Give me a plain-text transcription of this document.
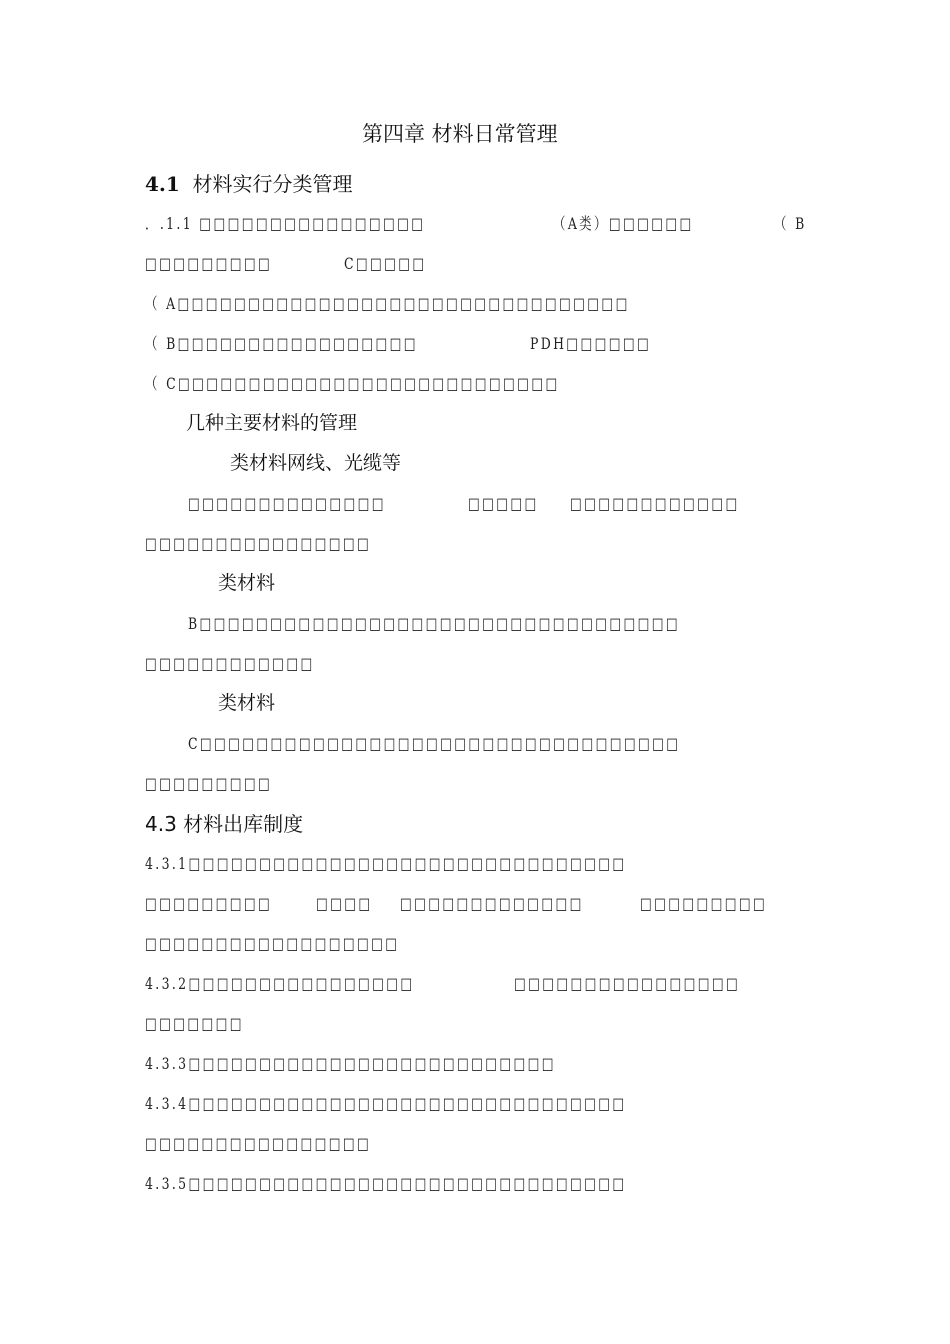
第四章 材料日常管理
4.1 材料实行分类管理
．.1.1 □□□□□□□□□□□□□□□□	（A类）□□□□□□	（ B
□□□□□□□□□	C□□□□□
（ A□□□□□□□□□□□□□□□□□□□□□□□□□□□□□□□□
（ B□□□□□□□□□□□□□□□□□	PDH□□□□□□
（ C□□□□□□□□□□□□□□□□□□□□□□□□□□□
几种主要材料的管理
类材料网线、光缆等
□□□□□□□□□□□□□□	□□□□□ □□□□□□□□□□□□
□□□□□□□□□□□□□□□□
类材料
B□□□□□□□□□□□□□□□□□□□□□□□□□□□□□□□□□□
□□□□□□□□□□□□
类材料
C□□□□□□□□□□□□□□□□□□□□□□□□□□□□□□□□□□
□□□□□□□□□
4.3 材料出库制度
4.3.1□□□□□□□□□□□□□□□□□□□□□□□□□□□□□□□
□□□□□□□□□	□□□□ □□□□□□□□□□□□□	□□□□□□□□□
□□□□□□□□□□□□□□□□□□
4.3.2□□□□□□□□□□□□□□□□	□□□□□□□□□□□□□□□□
□□□□□□□
4.3.3□□□□□□□□□□□□□□□□□□□□□□□□□□
4.3.4□□□□□□□□□□□□□□□□□□□□□□□□□□□□□□□
□□□□□□□□□□□□□□□□
4.3.5□□□□□□□□□□□□□□□□□□□□□□□□□□□□□□□
